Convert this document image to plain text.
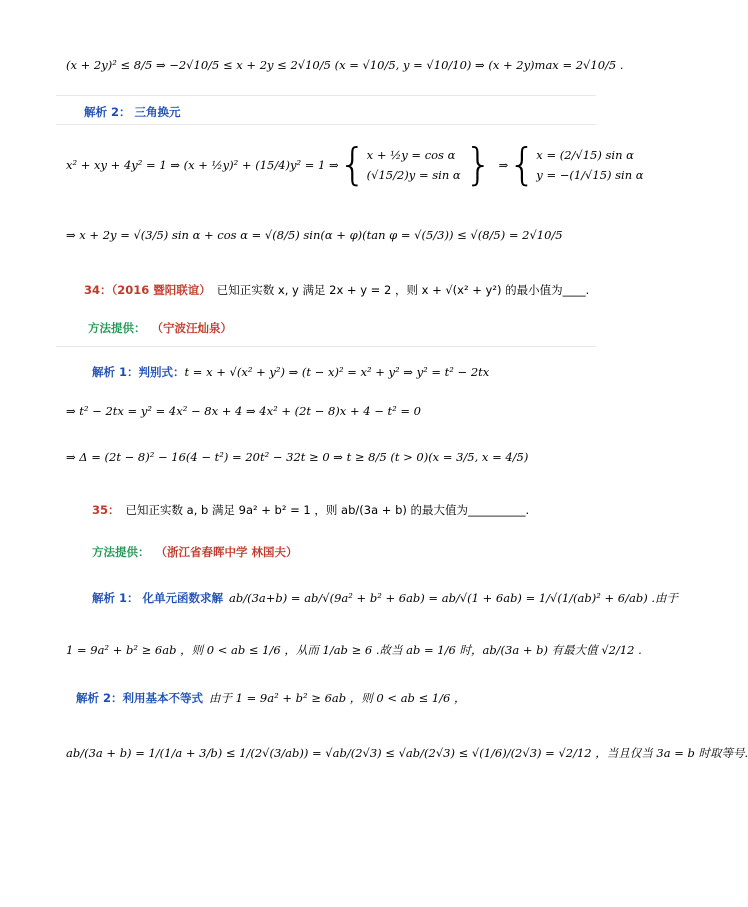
(x + 2y)² ≤ 8/5 ⇒ −2√10/5 ≤ x + 2y ≤ 2√10/5 (x = √10/5, y = √10/10) ⇒ (x + 2y)max = 2√10/5 .
解析 2： 三角换元
x² + xy + 4y² = 1 ⇒ (x + ½y)² + (15/4)y² = 1 ⇒ { x + ½y = cos α
(√15/2)y = sin α } ⇒ { x = (2/√15) sin α
y = −(1/√15) sin α
⇒ x + 2y = √(3/5) sin α + cos α = √(8/5) sin(α + φ)(tan φ = √(5/3)) ≤ √(8/5) = 2√10/5
34：（2016 暨阳联谊） 已知正实数 x, y 满足 2x + y = 2 ，则 x + √(x² + y²) 的最小值为____.
方法提供： （宁波汪灿泉）
解析 1：判别式： t = x + √(x² + y²) ⇒ (t − x)² = x² + y² ⇒ y² = t² − 2tx
⇒ t² − 2tx = y² = 4x² − 8x + 4 ⇒ 4x² + (2t − 8)x + 4 − t² = 0
⇒ Δ = (2t − 8)² − 16(4 − t²) = 20t² − 32t ≥ 0 ⇒ t ≥ 8/5 (t > 0)(x = 3/5, x = 4/5)
35： 已知正实数 a, b 满足 9a² + b² = 1 ，则 ab/(3a + b) 的最大值为__________.
方法提供： （浙江省春晖中学 林国夫）
解析 1： 化单元函数求解 ab/(3a+b) = ab/√(9a² + b² + 6ab) = ab/√(1 + 6ab) = 1/√(1/(ab)² + 6/ab) .由于
1 = 9a² + b² ≥ 6ab ，则 0 < ab ≤ 1/6 ，从而 1/ab ≥ 6 .故当 ab = 1/6 时，ab/(3a + b) 有最大值 √2/12 .
解析 2：利用基本不等式 由于 1 = 9a² + b² ≥ 6ab ，则 0 < ab ≤ 1/6 ，
ab/(3a + b) = 1/(1/a + 3/b) ≤ 1/(2√(3/ab)) = √ab/(2√3) ≤ √ab/(2√3) ≤ √(1/6)/(2√3) = √2/12 ，当且仅当 3a = b 时取等号.
